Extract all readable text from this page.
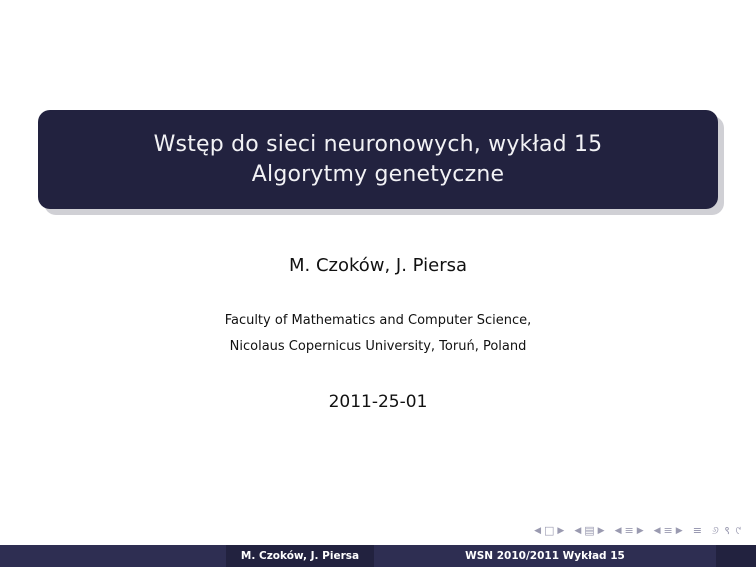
Wstęp do sieci neuronowych, wykład 15
Algorytmy genetyczne
M. Czoków, J. Piersa
Faculty of Mathematics and Computer Science,
Nicolaus Copernicus University, Toruń, Poland
2011-25-01
◀ □ ▶ ◀ ▤ ▶ ◀ ≡ ▶ ◀ ≡ ▶ ≡ ୬ ९ ୯
M. Czoków, J. Piersa	WSN 2010/2011 Wykład 15
